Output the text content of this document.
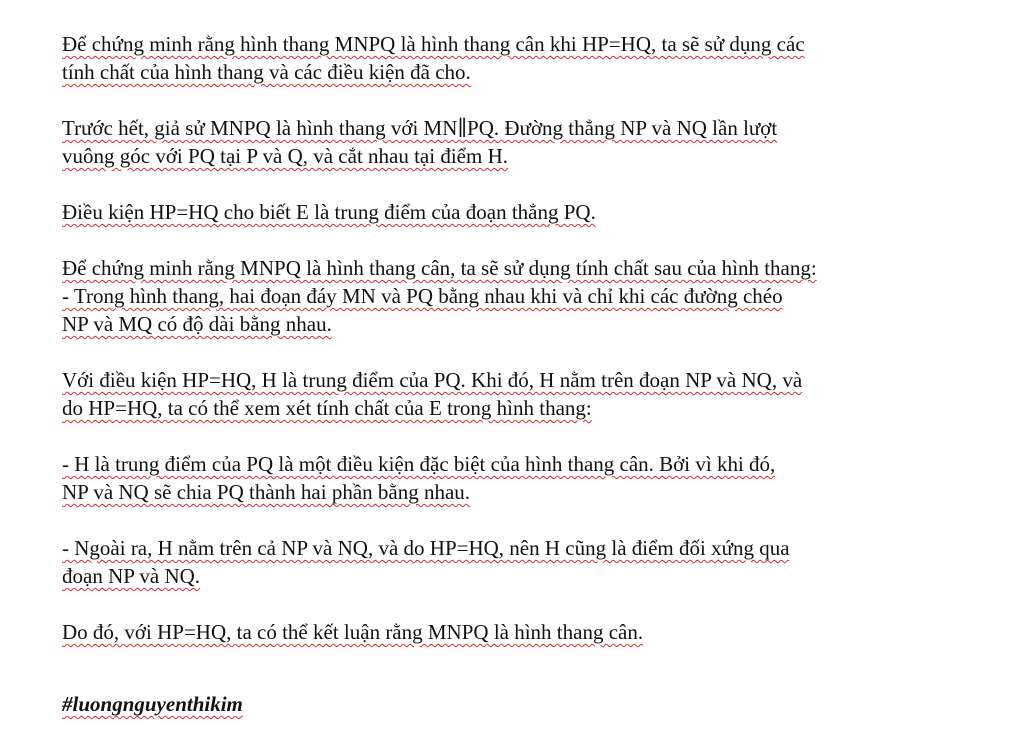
Để chứng minh rằng hình thang MNPQ là hình thang cân khi HP=HQ, ta sẽ sử dụng các
tính chất của hình thang và các điều kiện đã cho.
Trước hết, giả sử MNPQ là hình thang với MN∥PQ. Đường thẳng NP và NQ lần lượt
vuông góc với PQ tại P và Q, và cắt nhau tại điểm H.
Điều kiện HP=HQ cho biết E là trung điểm của đoạn thẳng PQ.
Để chứng minh rằng MNPQ là hình thang cân, ta sẽ sử dụng tính chất sau của hình thang:
- Trong hình thang, hai đoạn đáy MN và PQ bằng nhau khi và chỉ khi các đường chéo
NP và MQ có độ dài bằng nhau.
Với điều kiện HP=HQ, H là trung điểm của PQ. Khi đó, H nằm trên đoạn NP và NQ, và
do HP=HQ, ta có thể xem xét tính chất của E trong hình thang:
- H là trung điểm của PQ là một điều kiện đặc biệt của hình thang cân. Bởi vì khi đó,
NP và NQ sẽ chia PQ thành hai phần bằng nhau.
- Ngoài ra, H nằm trên cả NP và NQ, và do HP=HQ, nên H cũng là điểm đối xứng qua
đoạn NP và NQ.
Do đó, với HP=HQ, ta có thể kết luận rằng MNPQ là hình thang cân.
#luongnguyenthikim
